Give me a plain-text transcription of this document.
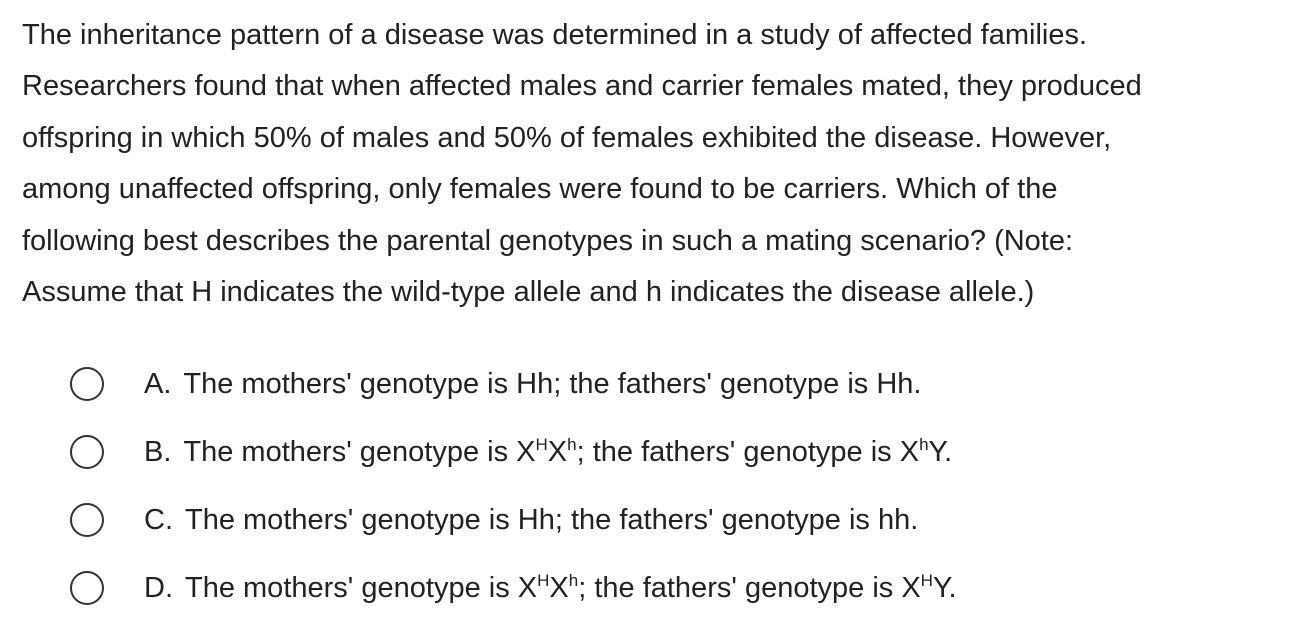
The inheritance pattern of a disease was determined in a study of affected families.

Researchers found that when affected males and carrier females mated, they produced

offspring in which 50% of males and 50% of females exhibited the disease. However,

among unaffected offspring, only females were found to be carriers. Which of the

following best describes the parental genotypes in such a mating scenario? (Note:

Assume that H indicates the wild-type allele and h indicates the disease allele.)

A. The mothers' genotype is Hh; the fathers' genotype is Hh.
B. The mothers' genotype is $X^HX^h$; the fathers' genotype is $X^hY$.
C. The mothers' genotype is Hh; the fathers' genotype is hh.
D. The mothers' genotype is $X^HX^h$; the fathers' genotype is $X^HY$.
